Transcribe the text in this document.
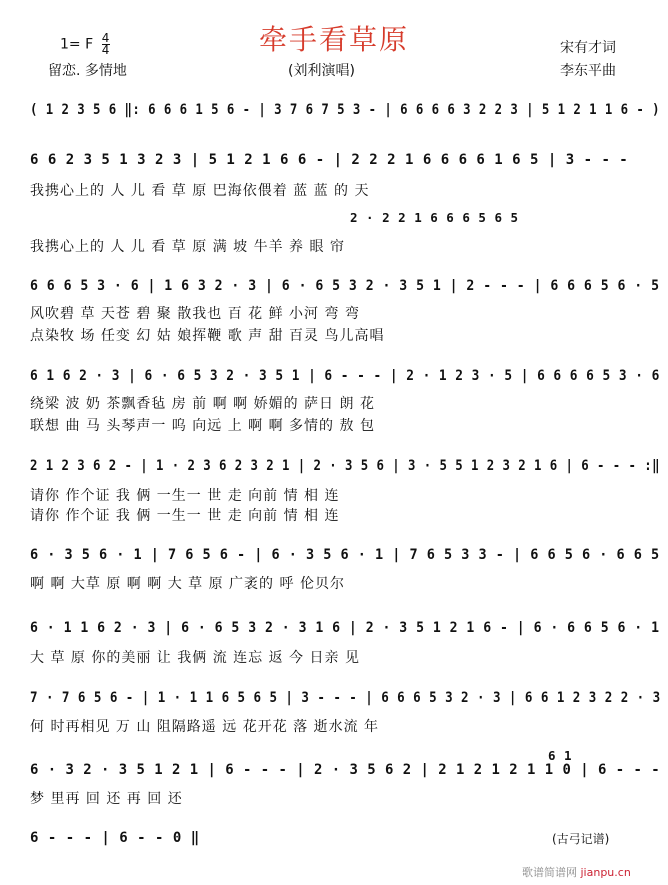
牵手看草原
1= F $\frac{4}{4}$
留恋. 多情地	(刘利演唱)
宋有才词
李东平曲
( 1 2 3 5 6 ‖: 6 6 6 1 5 6 - | 3 7 6 7 5 3 - | 6 6 6 6 3 2 2 3 | 5 1 2 1 1 6 - )
6 6 2 3 5 1 3 2 3 | 5 1 2 1 6 6 - | 2 2 2 1 6 6 6 6 1 6 5 | 3 - - -
我携心上的 人 儿 看 草 原 巴海依偎着 蓝 蓝 的 天
2 · 2 2 1 6 6 6 5 6 5
我携心上的 人 儿 看 草 原 满 坡 牛羊 养 眼 帘
6 6 6 5 3 · 6 | 1 6 3 2 · 3 | 6 · 6 5 3 2 · 3 5 1 | 2 - - - | 6 6 6 5 6 · 5
风吹碧 草 天苍 碧 聚 散我也 百 花 鲜 小河 弯 弯
点染牧 场 任变 幻 姑 娘挥鞭 歌 声 甜 百灵 鸟儿高唱
6 1 6 2 · 3 | 6 · 6 5 3 2 · 3 5 1 | 6 - - - | 2 · 1 2 3 · 5 | 6 6 6 6 5 3 · 6
绕梁 波 奶 茶飘香毡 房 前 啊 啊 娇媚的 萨日 朗 花
联想 曲 马 头琴声一 呜 向远 上 啊 啊 多情的 敖 包
2 1 2 3 6 2 - | 1 · 2 3 6 2 3 2 1 | 2 · 3 5 6 | 3 · 5 5 1 2 3 2 1 6 | 6 - - - :‖
请你 作个证 我 俩 一生一 世 走 向前 情 相 连
请你 作个证 我 俩 一生一 世 走 向前 情 相 连
6 · 3 5 6 · 1 | 7 6 5 6 - | 6 · 3 5 6 · 1 | 7 6 5 3 3 - | 6 6 5 6 · 6 6 5
啊 啊 大草 原 啊 啊 大 草 原 广袤的 呼 伦贝尔
6 · 1 1 6 2 · 3 | 6 · 6 5 3 2 · 3 1 6 | 2 · 3 5 1 2 1 6 - | 6 · 6 6 5 6 · 1
大 草 原 你的美丽 让 我俩 流 连忘 返 今 日亲 见
7 · 7 6 5 6 - | 1 · 1 1 6 5 6 5 | 3 - - - | 6 6 6 5 3 2 · 3 | 6 6 1 2 3 2 2 · 3
何 时再相见 万 山 阻隔路遥 远 花开花 落 逝水流 年
6 1
6 · 3 2 · 3 5 1 2 1 | 6 - - - | 2 · 3 5 6 2 | 2 1 2 1 2 1 1 0 | 6 - - -
梦 里再 回 还 再 回 还
6 - - - | 6 - - 0 ‖	(古弓记谱)
歌谱简谱网 jianpu.cn
